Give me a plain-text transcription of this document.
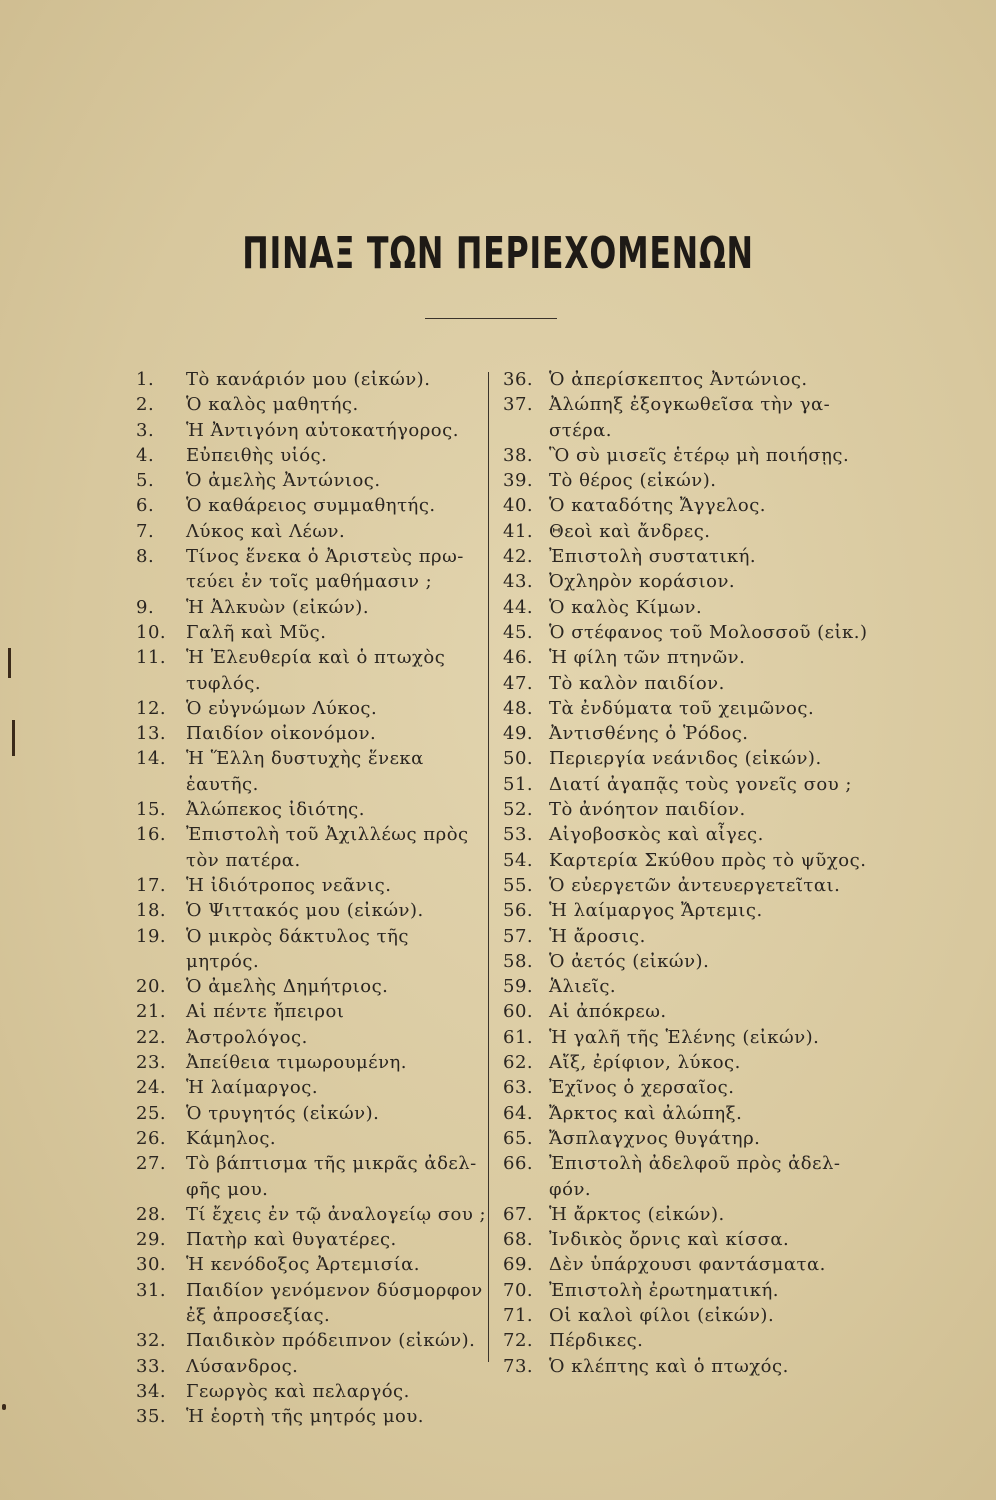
ΠΙΝΑΞ ΤΩΝ ΠΕΡΙΕΧΟΜΕΝΩΝ
1.	Τὸ κανάριόν μου (εἰκών).
2.	Ὁ καλὸς μαθητής.
3.	Ἡ Ἀντιγόνη αὐτοκατήγορος.
4.	Εὐπειθὴς υἱός.
5.	Ὁ ἀμελὴς Ἀντώνιος.
6.	Ὁ καθάρειος συμμαθητής.
7.	Λύκος καὶ Λέων.
8.	Τίνος ἕνεκα ὁ Ἀριστεὺς πρω-
τεύει ἐν τοῖς μαθήμασιν ;
9.	Ἡ Ἀλκυὼν (εἰκών).
10.	Γαλῆ καὶ Μῦς.
11.	Ἡ Ἐλευθερία καὶ ὁ πτωχὸς
τυφλός.
12.	Ὁ εὐγνώμων Λύκος.
13.	Παιδίον οἰκονόμον.
14.	Ἡ Ἕλλη δυστυχὴς ἕνεκα ἑαυτῆς.
15.	Ἀλώπεκος ἰδιότης.
16.	Ἐπιστολὴ τοῦ Ἀχιλλέως πρὸς
τὸν πατέρα.
17.	Ἡ ἰδιότροπος νεᾶνις.
18.	Ὁ Ψιττακός μου (εἰκών).
19.	Ὁ μικρὸς δάκτυλος τῆς μητρός.
20.	Ὁ ἀμελὴς Δημήτριος.
21.	Αἱ πέντε ἤπειροι
22.	Ἀστρολόγος.
23.	Ἀπείθεια τιμωρουμένη.
24.	Ἡ λαίμαργος.
25.	Ὁ τρυγητός (εἰκών).
26.	Κάμηλος.
27.	Τὸ βάπτισμα τῆς μικρᾶς ἀδελ-
φῆς μου.
28.	Τί ἔχεις ἐν τῷ ἀναλογείῳ σου ;
29.	Πατὴρ καὶ θυγατέρες.
30.	Ἡ κενόδοξος Ἀρτεμισία.
31.	Παιδίον γενόμενον δύσμορφον
ἐξ ἀπροσεξίας.
32.	Παιδικὸν πρόδειπνον (εἰκών).
33.	Λύσανδρος.
34.	Γεωργὸς καὶ πελαργός.
35.	Ἡ ἑορτὴ τῆς μητρός μου.
36. Ὁ ἀπερίσκεπτος Ἀντώνιος.
37. Ἀλώπηξ ἐξογκωθεῖσα τὴν γα-
στέρα.
38. Ὃ σὺ μισεῖς ἑτέρῳ μὴ ποιήσῃς.
39. Τὸ θέρος (εἰκών).
40. Ὁ καταδότης Ἄγγελος.
41. Θεοὶ καὶ ἄνδρες.
42. Ἐπιστολὴ συστατική.
43. Ὀχληρὸν κοράσιον.
44. Ὁ καλὸς Κίμων.
45. Ὁ στέφανος τοῦ Μολοσσοῦ (εἰκ.)
46. Ἡ φίλη τῶν πτηνῶν.
47. Τὸ καλὸν παιδίον.
48. Τὰ ἐνδύματα τοῦ χειμῶνος.
49. Ἀντισθένης ὁ Ῥόδος.
50. Περιεργία νεάνιδος (εἰκών).
51. Διατί ἀγαπᾷς τοὺς γονεῖς σου ;
52. Τὸ ἀνόητον παιδίον.
53. Αἰγοβοσκὸς καὶ αἶγες.
54. Καρτερία Σκύθου πρὸς τὸ ψῦχος.
55. Ὁ εὐεργετῶν ἀντευεργετεῖται.
56. Ἡ λαίμαργος Ἄρτεμις.
57. Ἡ ἄροσις.
58. Ὁ ἀετός (εἰκών).
59. Ἁλιεῖς.
60. Αἱ ἀπόκρεω.
61. Ἡ γαλῆ τῆς Ἑλένης (εἰκών).
62. Αἴξ, ἐρίφιον, λύκος.
63. Ἐχῖνος ὁ χερσαῖος.
64. Ἄρκτος καὶ ἀλώπηξ.
65. Ἄσπλαγχνος θυγάτηρ.
66. Ἐπιστολὴ ἀδελφοῦ πρὸς ἀδελ-
φόν.
67. Ἡ ἄρκτος (εἰκών).
68. Ἰνδικὸς ὄρνις καὶ κίσσα.
69. Δὲν ὑπάρχουσι φαντάσματα.
70. Ἐπιστολὴ ἐρωτηματική.
71. Οἱ καλοὶ φίλοι (εἰκών).
72. Πέρδικες.
73. Ὁ κλέπτης καὶ ὁ πτωχός.
